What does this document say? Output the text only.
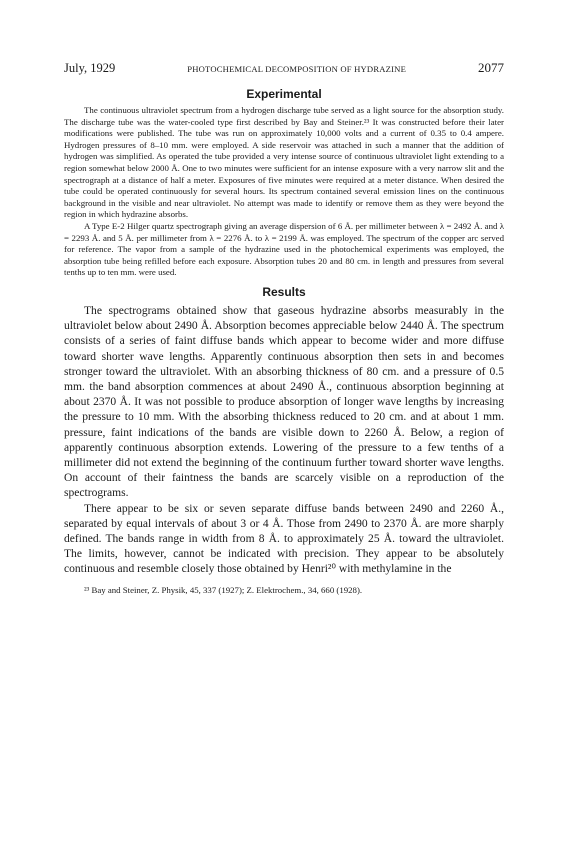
July, 1929	PHOTOCHEMICAL DECOMPOSITION OF HYDRAZINE	2077
Experimental

The continuous ultraviolet spectrum from a hydrogen discharge tube served as a light source for the absorption study. The discharge tube was the water-cooled type first described by Bay and Steiner.²³ It was constructed before their later modifications were published. The tube was run on approximately 10,000 volts and a current of 0.35 to 0.4 ampere. Hydrogen pressures of 8–10 mm. were employed. A side reservoir was attached in such a manner that the addition of hydrogen was simplified. As operated the tube provided a very intense source of continuous ultraviolet light extending to a region somewhat below 2000 Å. One to two minutes were sufficient for an intense exposure with a very narrow slit and the spectrograph at a distance of half a meter. Exposures of five minutes were required at a meter distance. When desired the tube could be operated continuously for several hours. Its spectrum contained several emission lines on the continuous background in the visible and near ultraviolet. No attempt was made to identify or remove them as they were beyond the region in which hydrazine absorbs.

A Type E-2 Hilger quartz spectrograph giving an average dispersion of 6 Å. per millimeter between λ = 2492 Å. and λ = 2293 Å. and 5 Å. per millimeter from λ = 2276 Å. to λ = 2199 Å. was employed. The spectrum of the copper arc served for reference. The vapor from a sample of the hydrazine used in the photochemical experiments was employed, the absorption tube being refilled before each exposure. Absorption tubes 20 and 80 cm. in length and pressures from several tenths up to ten mm. were used.

Results

The spectrograms obtained show that gaseous hydrazine absorbs measurably in the ultraviolet below about 2490 Å. Absorption becomes appreciable below 2440 Å. The spectrum consists of a series of faint diffuse bands which appear to become wider and more diffuse toward shorter wave lengths. Apparently continuous absorption then sets in and becomes stronger toward the ultraviolet. With an absorbing thickness of 80 cm. and a pressure of 0.5 mm. the band absorption commences at about 2490 Å., continuous absorption beginning at about 2370 Å. It was not possible to produce absorption of longer wave lengths by increasing the pressure to 10 mm. With the absorbing thickness reduced to 20 cm. and at about 1 mm. pressure, faint indications of the bands are visible down to 2260 Å. Below, a region of apparently continuous absorption extends. Lowering of the pressure to a few tenths of a millimeter did not extend the beginning of the continuum further toward shorter wave lengths. On account of their faintness the bands are scarcely visible on a reproduction of the spectrograms.

There appear to be six or seven separate diffuse bands between 2490 and 2260 Å., separated by equal intervals of about 3 or 4 Å. Those from 2490 to 2370 Å. are more sharply defined. The bands range in width from 8 Å. to approximately 25 Å. toward the ultraviolet. The limits, however, cannot be indicated with precision. They appear to be absolutely continuous and resemble closely those obtained by Henri²⁰ with methylamine in the

²³ Bay and Steiner, Z. Physik, 45, 337 (1927); Z. Elektrochem., 34, 660 (1928).
